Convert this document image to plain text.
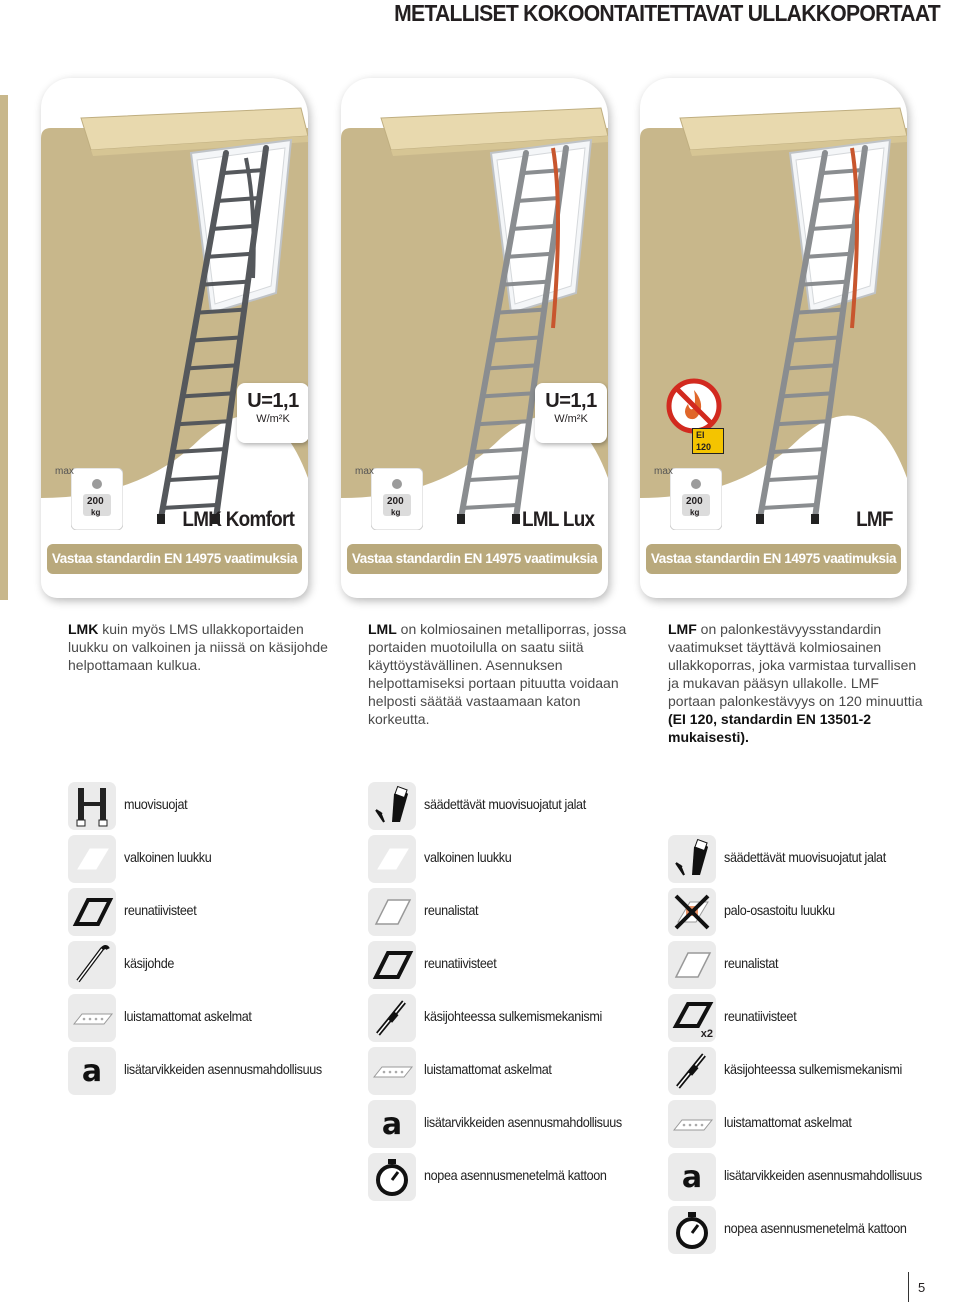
METALLISET KOKOONTAITETTAVAT ULLAKKOPORTAAT
U=1,1
W/m²K
max
200
kg	LMK Komfort
Vastaa standardin EN 14975 vaatimuksia
U=1,1
W/m²K
max
200
kg	LML Lux
Vastaa standardin EN 14975 vaatimuksia
EI 120
max
200
kg	LMF
Vastaa standardin EN 14975 vaatimuksia
LMK kuin myös LMS ullakkoportaiden luukku on valkoinen ja niissä on käsijohde helpottamaan kulkua.
LML on kolmiosainen metalliporras, jossa portaiden muotoilulla on saatu siitä käyttöystävällinen. Asennuksen helpottamiseksi portaan pituutta voidaan helposti säätää vastaamaan katon korkeutta.
LMF on palonkestävyysstandardin vaatimukset täyttävä kolmiosainen ullakkoporras, joka varmistaa turvallisen ja mukavan pääsyn ullakolle. LMF portaan palonkestävyys on 120 minuuttia (EI 120, standardin EN 13501-2 mukaisesti).
muovisuojat
valkoinen luukku
reunatiivisteet
käsijohde
luistamattomat askelmat
a lisätarvikkeiden asennusmahdollisuus
säädettävät muovisuojatut jalat
valkoinen luukku
reunalistat
reunatiivisteet
käsijohteessa sulkemismekanismi
luistamattomat askelmat
a lisätarvikkeiden asennusmahdollisuus
nopea asennusmenetelmä kattoon
säädettävät muovisuojatut jalat
palo-osastoitu luukku
reunalistat
x2
reunatiivisteet
käsijohteessa sulkemismekanismi
luistamattomat askelmat
a lisätarvikkeiden asennusmahdollisuus
nopea asennusmenetelmä kattoon
5
